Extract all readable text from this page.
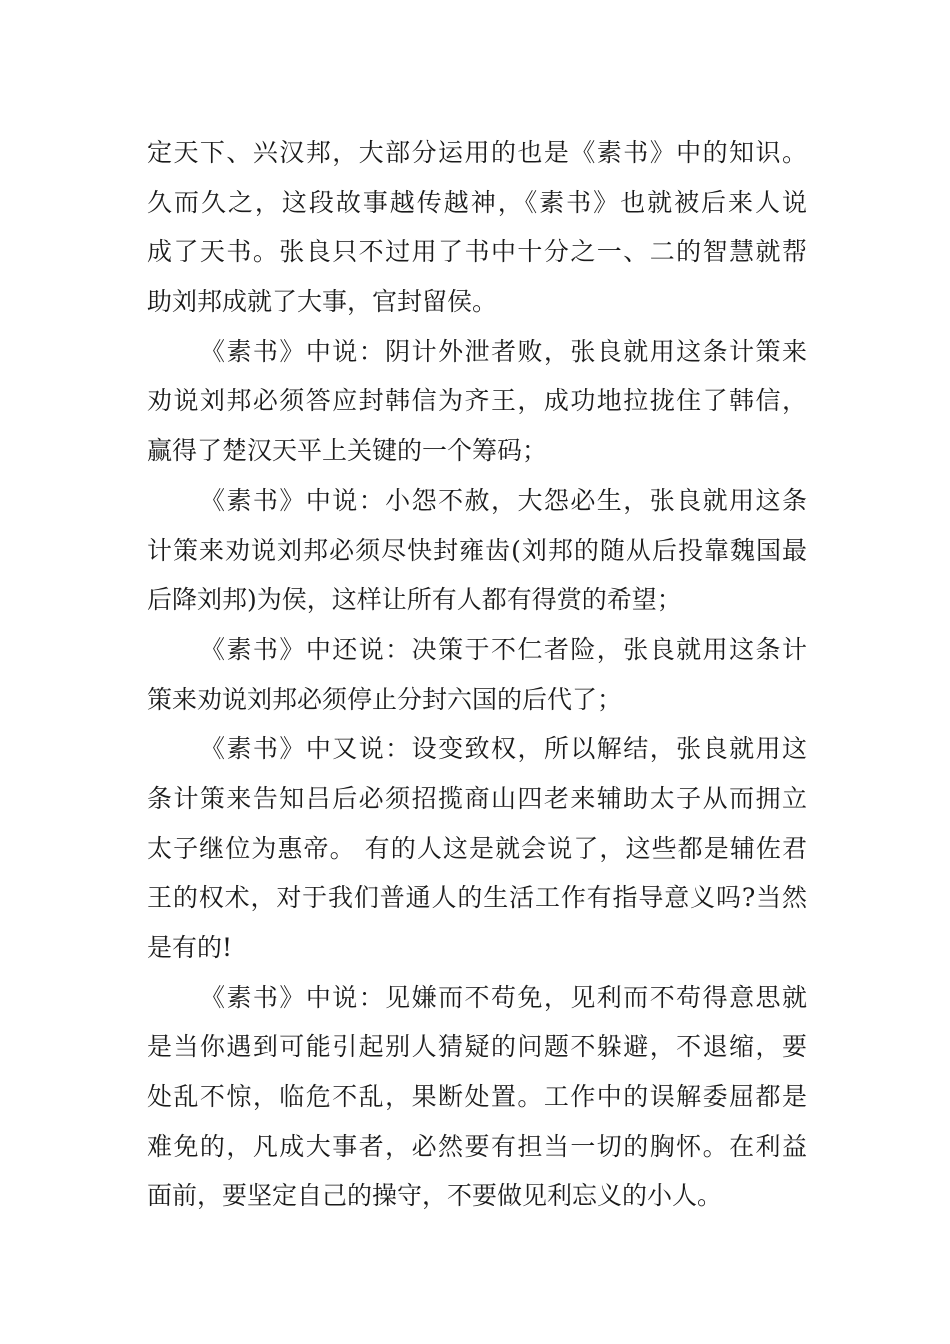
定天下、兴汉邦，大部分运用的也是《素书》中的知识。
久而久之，这段故事越传越神，《素书》也就被后来人说
成了天书。张良只不过用了书中十分之一、二的智慧就帮
助刘邦成就了大事，官封留侯。
《素书》中说：阴计外泄者败，张良就用这条计策来
劝说刘邦必须答应封韩信为齐王，成功地拉拢住了韩信，
赢得了楚汉天平上关键的一个筹码；
《素书》中说：小怨不赦，大怨必生，张良就用这条
计策来劝说刘邦必须尽快封雍齿(刘邦的随从后投靠魏国最
后降刘邦)为侯，这样让所有人都有得赏的希望；
《素书》中还说：决策于不仁者险，张良就用这条计
策来劝说刘邦必须停止分封六国的后代了；
《素书》中又说：设变致权，所以解结，张良就用这
条计策来告知吕后必须招揽商山四老来辅助太子从而拥立
太子继位为惠帝。 有的人这是就会说了，这些都是辅佐君
王的权术，对于我们普通人的生活工作有指导意义吗?当然
是有的!
《素书》中说：见嫌而不苟免，见利而不苟得意思就
是当你遇到可能引起别人猜疑的问题不躲避，不退缩，要
处乱不惊，临危不乱，果断处置。工作中的误解委屈都是
难免的，凡成大事者，必然要有担当一切的胸怀。在利益
面前，要坚定自己的操守，不要做见利忘义的小人。
